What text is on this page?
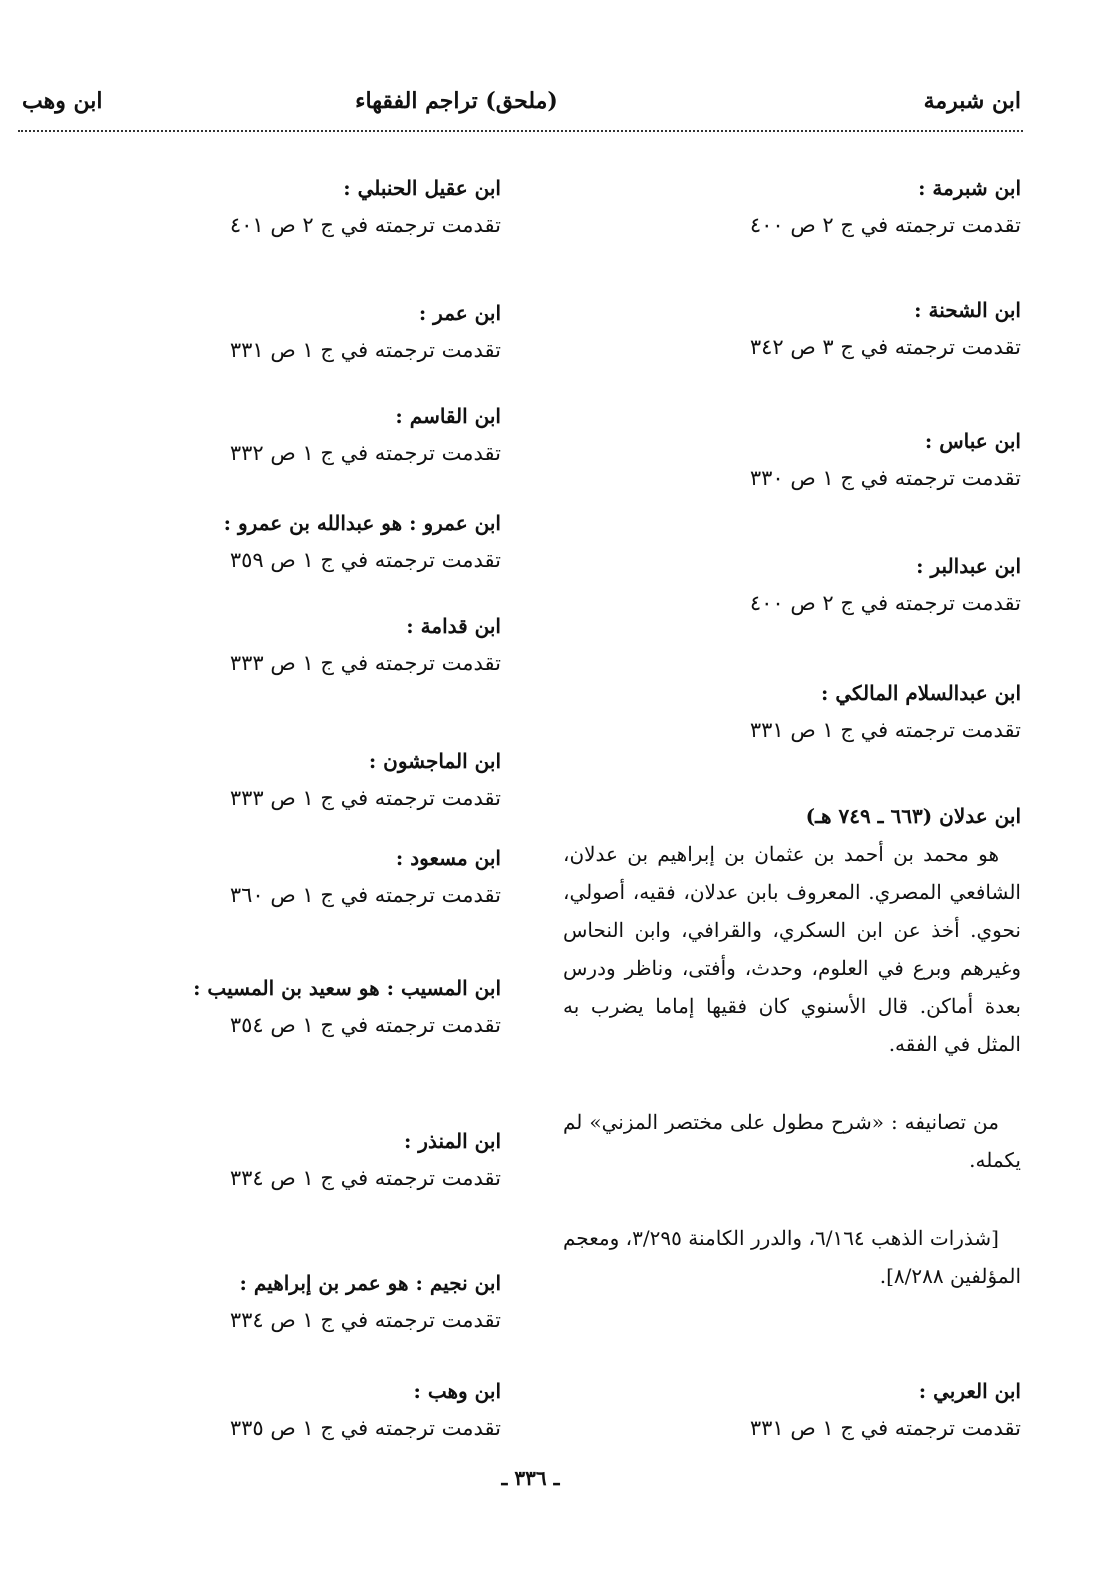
ابن شبرمة
(ملحق) تراجم الفقهاء
ابن وهب
ابن شبرمة :
تقدمت ترجمته في ج ٢ ص ٤٠٠
ابن الشحنة :
تقدمت ترجمته في ج ٣ ص ٣٤٢
ابن عباس :
تقدمت ترجمته في ج ١ ص ٣٣٠
ابن عبدالبر :
تقدمت ترجمته في ج ٢ ص ٤٠٠
ابن عبدالسلام المالكي :
تقدمت ترجمته في ج ١ ص ٣٣١

ابن عدلان (٦٦٣ ـ ٧٤٩ هـ)

هو محمد بن أحمد بن عثمان بن إبراهيم بن عدلان، الشافعي المصري. المعروف بابن عدلان، فقيه، أصولي، نحوي. أخذ عن ابن السكري، والقرافي، وابن النحاس وغيرهم وبرع في العلوم، وحدث، وأفتى، وناظر ودرس بعدة أماكن. قال الأسنوي كان فقيها إماما يضرب به المثل في الفقه.

من تصانيفه : «شرح مطول على مختصر المزني» لم يكمله.

[شذرات الذهب ٦/١٦٤، والدرر الكامنة ٣/٢٩٥، ومعجم المؤلفين ٨/٢٨٨].

ابن العربي :
تقدمت ترجمته في ج ١ ص ٣٣١
ابن عقيل الحنبلي :
تقدمت ترجمته في ج ٢ ص ٤٠١
ابن عمر :
تقدمت ترجمته في ج ١ ص ٣٣١
ابن القاسم :
تقدمت ترجمته في ج ١ ص ٣٣٢
ابن عمرو : هو عبدالله بن عمرو :
تقدمت ترجمته في ج ١ ص ٣٥٩
ابن قدامة :
تقدمت ترجمته في ج ١ ص ٣٣٣
ابن الماجشون :
تقدمت ترجمته في ج ١ ص ٣٣٣
ابن مسعود :
تقدمت ترجمته في ج ١ ص ٣٦٠
ابن المسيب : هو سعيد بن المسيب :
تقدمت ترجمته في ج ١ ص ٣٥٤
ابن المنذر :
تقدمت ترجمته في ج ١ ص ٣٣٤
ابن نجيم : هو عمر بن إبراهيم :
تقدمت ترجمته في ج ١ ص ٣٣٤
ابن وهب :
تقدمت ترجمته في ج ١ ص ٣٣٥
ـ ٣٣٦ ـ
